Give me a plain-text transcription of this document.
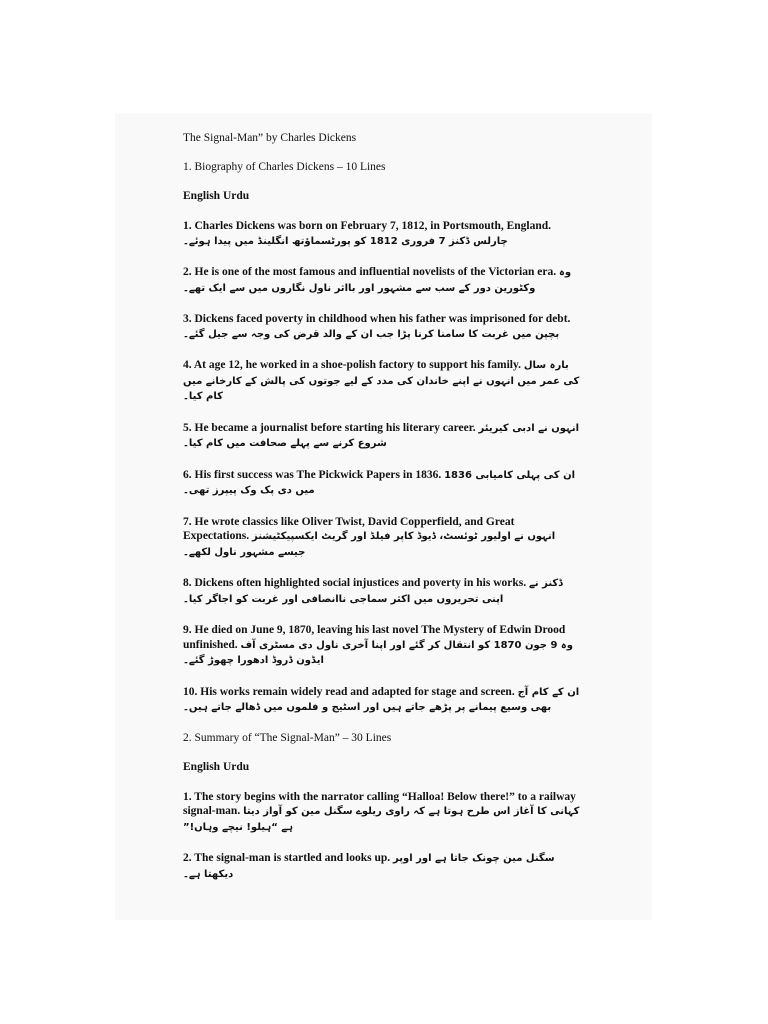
The Signal-Man” by Charles Dickens
1. Biography of Charles Dickens – 10 Lines
English Urdu
1. Charles Dickens was born on February 7, 1812, in Portsmouth, England. چارلس ڈکنز 7 فروری 1812 کو پورٹسماؤتھ انگلینڈ میں پیدا ہوئے۔
2. He is one of the most famous and influential novelists of the Victorian era. وہ وکٹورین دور کے سب سے مشہور اور بااثر ناول نگاروں میں سے ایک تھے۔
3. Dickens faced poverty in childhood when his father was imprisoned for debt. بچپن میں غربت کا سامنا کرنا پڑا جب ان کے والد قرض کی وجہ سے جیل گئے۔
4. At age 12, he worked in a shoe-polish factory to support his family. بارہ سال کی عمر میں انہوں نے اپنے خاندان کی مدد کے لیے جوتوں کی پالش کے کارخانے میں کام کیا۔
5. He became a journalist before starting his literary career. انہوں نے ادبی کیریئر شروع کرنے سے پہلے صحافت میں کام کیا۔
6. His first success was The Pickwick Papers in 1836. ان کی پہلی کامیابی 1836 میں دی پک وک پیپرز تھی۔
7. He wrote classics like Oliver Twist, David Copperfield, and Great Expectations. انہوں نے اولیور ٹوئسٹ، ڈیوڈ کاپر فیلڈ اور گریٹ ایکسپیکٹیشنز جیسے مشہور ناول لکھے۔
8. Dickens often highlighted social injustices and poverty in his works. ڈکنز نے اپنی تحریروں میں اکثر سماجی ناانصافی اور غربت کو اجاگر کیا۔
9. He died on June 9, 1870, leaving his last novel The Mystery of Edwin Drood unfinished. وہ 9 جون 1870 کو انتقال کر گئے اور اپنا آخری ناول دی مسٹری آف ایڈون ڈروڈ ادھورا چھوڑ گئے۔
10. His works remain widely read and adapted for stage and screen. ان کے کام آج بھی وسیع پیمانے پر پڑھے جاتے ہیں اور اسٹیج و فلموں میں ڈھالے جاتے ہیں۔
2. Summary of “The Signal-Man” – 30 Lines
English Urdu
1. The story begins with the narrator calling “Halloa! Below there!” to a railway signal-man. کہانی کا آغاز اس طرح ہوتا ہے کہ راوی ریلوے سگنل مین کو آواز دیتا ہے “ہیلو! نیچے وہاں!”
2. The signal-man is startled and looks up. سگنل مین چونک جاتا ہے اور اوپر دیکھتا ہے۔
